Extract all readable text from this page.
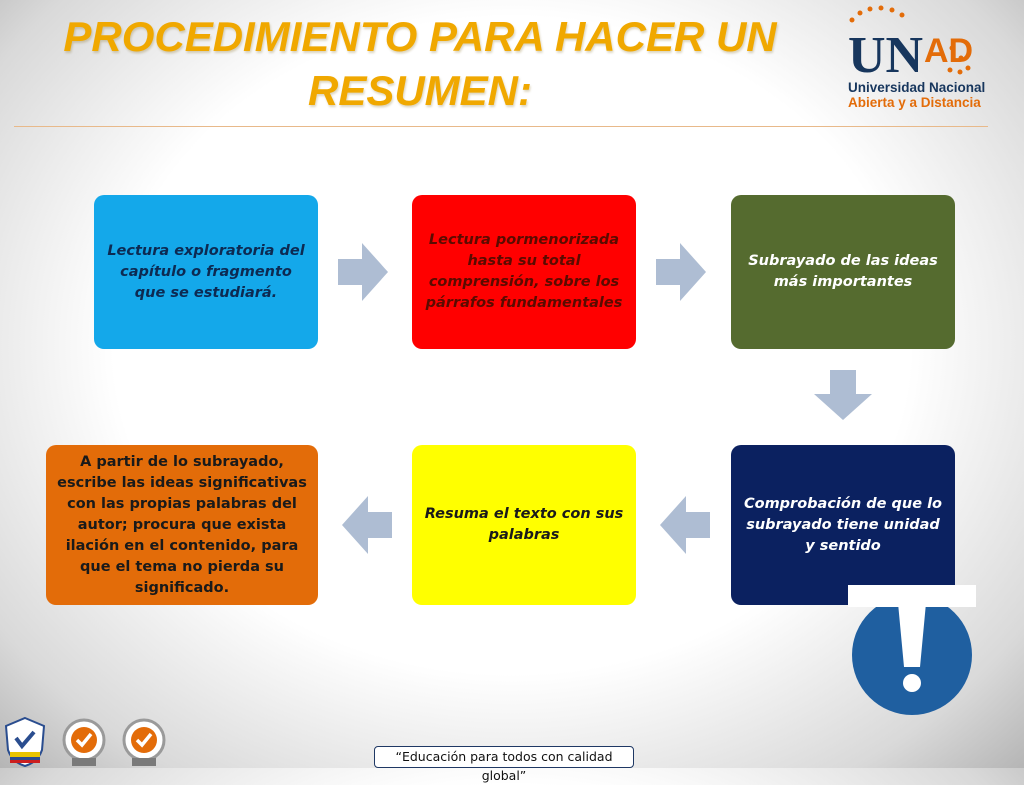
PROCEDIMIENTO PARA HACER UN
RESUMEN:
UN AD
Universidad Nacional
Abierta y a Distancia
Lectura exploratoria del capítulo o fragmento que se estudiará.
Lectura pormenorizada hasta su total comprensión, sobre los párrafos fundamentales
Subrayado de las ideas más importantes
Comprobación de que lo subrayado tiene unidad y sentido
Resuma el texto con sus palabras
A partir de lo subrayado, escribe las ideas significativas con las propias palabras del autor; procura que exista ilación en el contenido, para que el tema no pierda su significado.
“Educación para todos con calidad global”
